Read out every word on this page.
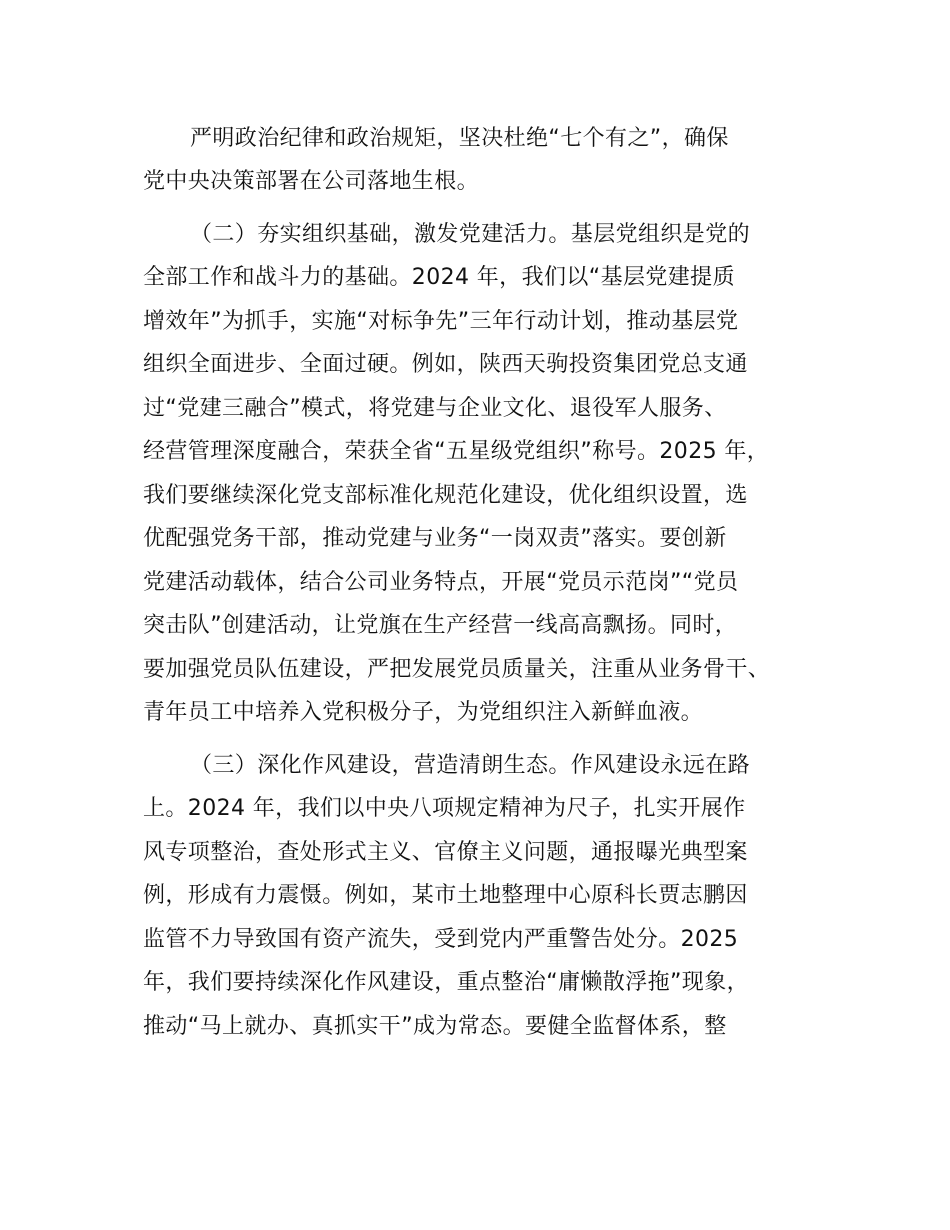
严明政治纪律和政治规矩，坚决杜绝“七个有之”，确保
党中央决策部署在公司落地生根。
（二）夯实组织基础，激发党建活力。基层党组织是党的
全部工作和战斗力的基础。2024 年，我们以“基层党建提质
增效年”为抓手，实施“对标争先”三年行动计划，推动基层党
组织全面进步、全面过硬。例如，陕西天驹投资集团党总支通
过“党建三融合”模式，将党建与企业文化、退役军人服务、
经营管理深度融合，荣获全省“五星级党组织”称号。2025 年，
我们要继续深化党支部标准化规范化建设，优化组织设置，选
优配强党务干部，推动党建与业务“一岗双责”落实。要创新
党建活动载体，结合公司业务特点，开展“党员示范岗”“党员
突击队”创建活动，让党旗在生产经营一线高高飘扬。同时，
要加强党员队伍建设，严把发展党员质量关，注重从业务骨干、
青年员工中培养入党积极分子，为党组织注入新鲜血液。
（三）深化作风建设，营造清朗生态。作风建设永远在路
上。2024 年，我们以中央八项规定精神为尺子，扎实开展作
风专项整治，查处形式主义、官僚主义问题，通报曝光典型案
例，形成有力震慑。例如，某市土地整理中心原科长贾志鹏因
监管不力导致国有资产流失，受到党内严重警告处分。2025
年，我们要持续深化作风建设，重点整治“庸懒散浮拖”现象，
推动“马上就办、真抓实干”成为常态。要健全监督体系，整
